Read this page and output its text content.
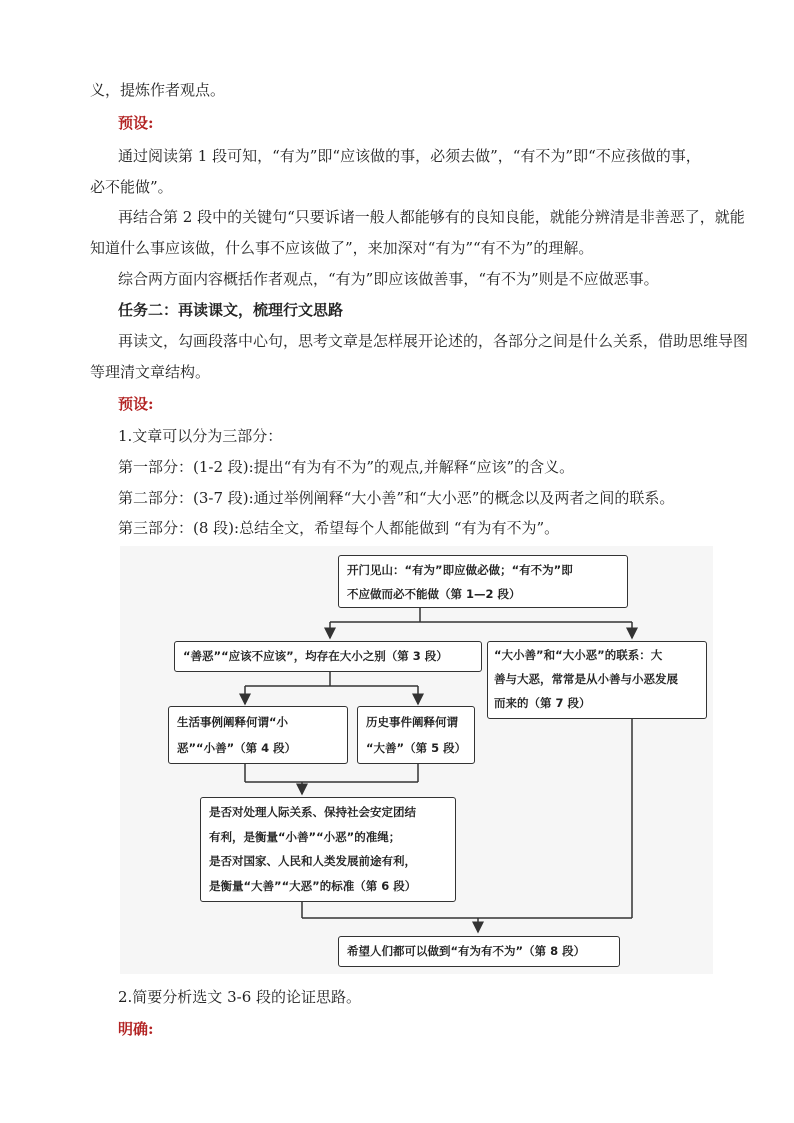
义，提炼作者观点。
预设:
通过阅读第 1 段可知，“有为”即“应该做的事，必须去做”，“有不为”即“不应孩做的事，
必不能做”。
再结合第 2 段中的关键句“只要诉诸一般人都能够有的良知良能，就能分辨清是非善恶了，就能
知道什么事应该做，什么事不应该做了”，来加深对“有为”“有不为”的理解。
综合两方面内容概括作者观点，“有为”即应该做善事，“有不为”则是不应做恶事。
任务二：再读课文，梳理行文思路
再读文，勾画段落中心句，思考文章是怎样展开论述的，各部分之间是什么关系，借助思维导图
等理清文章结构。
预设:
1.文章可以分为三部分：
第一部分：(1-2 段):提出“有为有不为”的观点,并解释“应该”的含义。
第二部分：(3-7 段):通过举例阐释“大小善”和“大小恶”的概念以及两者之间的联系。
第三部分：(8 段):总结全文，希望每个人都能做到 “有为有不为”。
开门见山：“有为”即应做必做；“有不为”即
不应做而必不能做（第 1—2 段）
“善恶”“应该不应该”，均存在大小之别（第 3 段）	“大小善”和“大小恶”的联系：大
善与大恶，常常是从小善与小恶发展
而来的（第 7 段）
生活事例阐释何谓“小
恶”“小善”（第 4 段）
历史事件阐释何谓
“大善”（第 5 段）
是否对处理人际关系、保持社会安定团结
有利，是衡量“小善”“小恶”的准绳；
是否对国家、人民和人类发展前途有利，
是衡量“大善”“大恶”的标准（第 6 段）
希望人们都可以做到“有为有不为”（第 8 段）
2.简要分析选文 3-6 段的论证思路。
明确:
